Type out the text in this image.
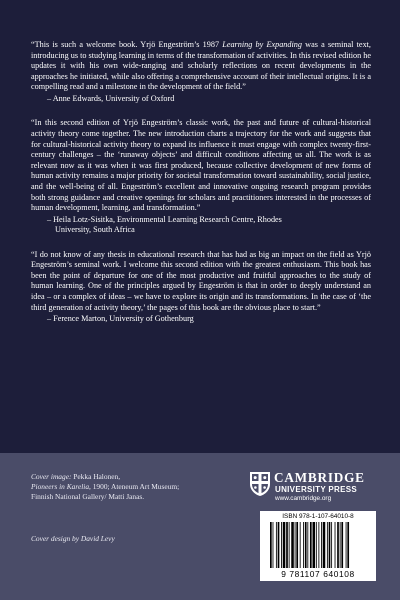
“This is such a welcome book. Yrjö Engeström’s 1987 Learning by Expanding was a seminal text, introducing us to studying learning in terms of the transformation of activities. In this revised edition he updates it with his own wide-ranging and scholarly reflections on recent developments in the approaches he initiated, while also offering a comprehensive account of their intellectual origins. It is a compelling read and a milestone in the development of the field.”

– Anne Edwards, University of Oxford

“In this second edition of Yrjö Engeström’s classic work, the past and future of cultural-historical activity theory come together. The new introduction charts a trajectory for the work and suggests that for cultural-historical activity theory to expand its influence it must engage with complex twenty-first-century challenges – the ‘runaway objects’ and difficult conditions affecting us all. The work is as relevant now as it was when it was first produced, because collective development of new forms of human activity remains a major priority for societal transformation toward sustainability, social justice, and the well-being of all. Engeström’s excellent and innovative ongoing research program provides both strong guidance and creative openings for scholars and practitioners interested in the processes of human development, learning, and transformation.”

– Heila Lotz-Sisitka, Environmental Learning Research Centre, Rhodes
University, South Africa

“I do not know of any thesis in educational research that has had as big an impact on the field as Yrjö Engeström’s seminal work. I welcome this second edition with the greatest enthusiasm. This book has been the point of departure for one of the most productive and fruitful approaches to the study of human learning. One of the principles argued by Engeström is that in order to deeply understand an idea – or a complex of ideas – we have to explore its origin and its transformations. In the case of ‘the third generation of activity theory,’ the pages of this book are the obvious place to start.”

– Ference Marton, University of Gothenburg
Cover image: Pekka Halonen,
Pioneers in Karelia, 1900; Ateneum Art Museum;
Finnish National Gallery/ Matti Janas.
Cover design by David Levy
CAMBRIDGE
UNIVERSITY PRESS
www.cambridge.org
ISBN 978-1-107-64010-8
9 781107 640108
